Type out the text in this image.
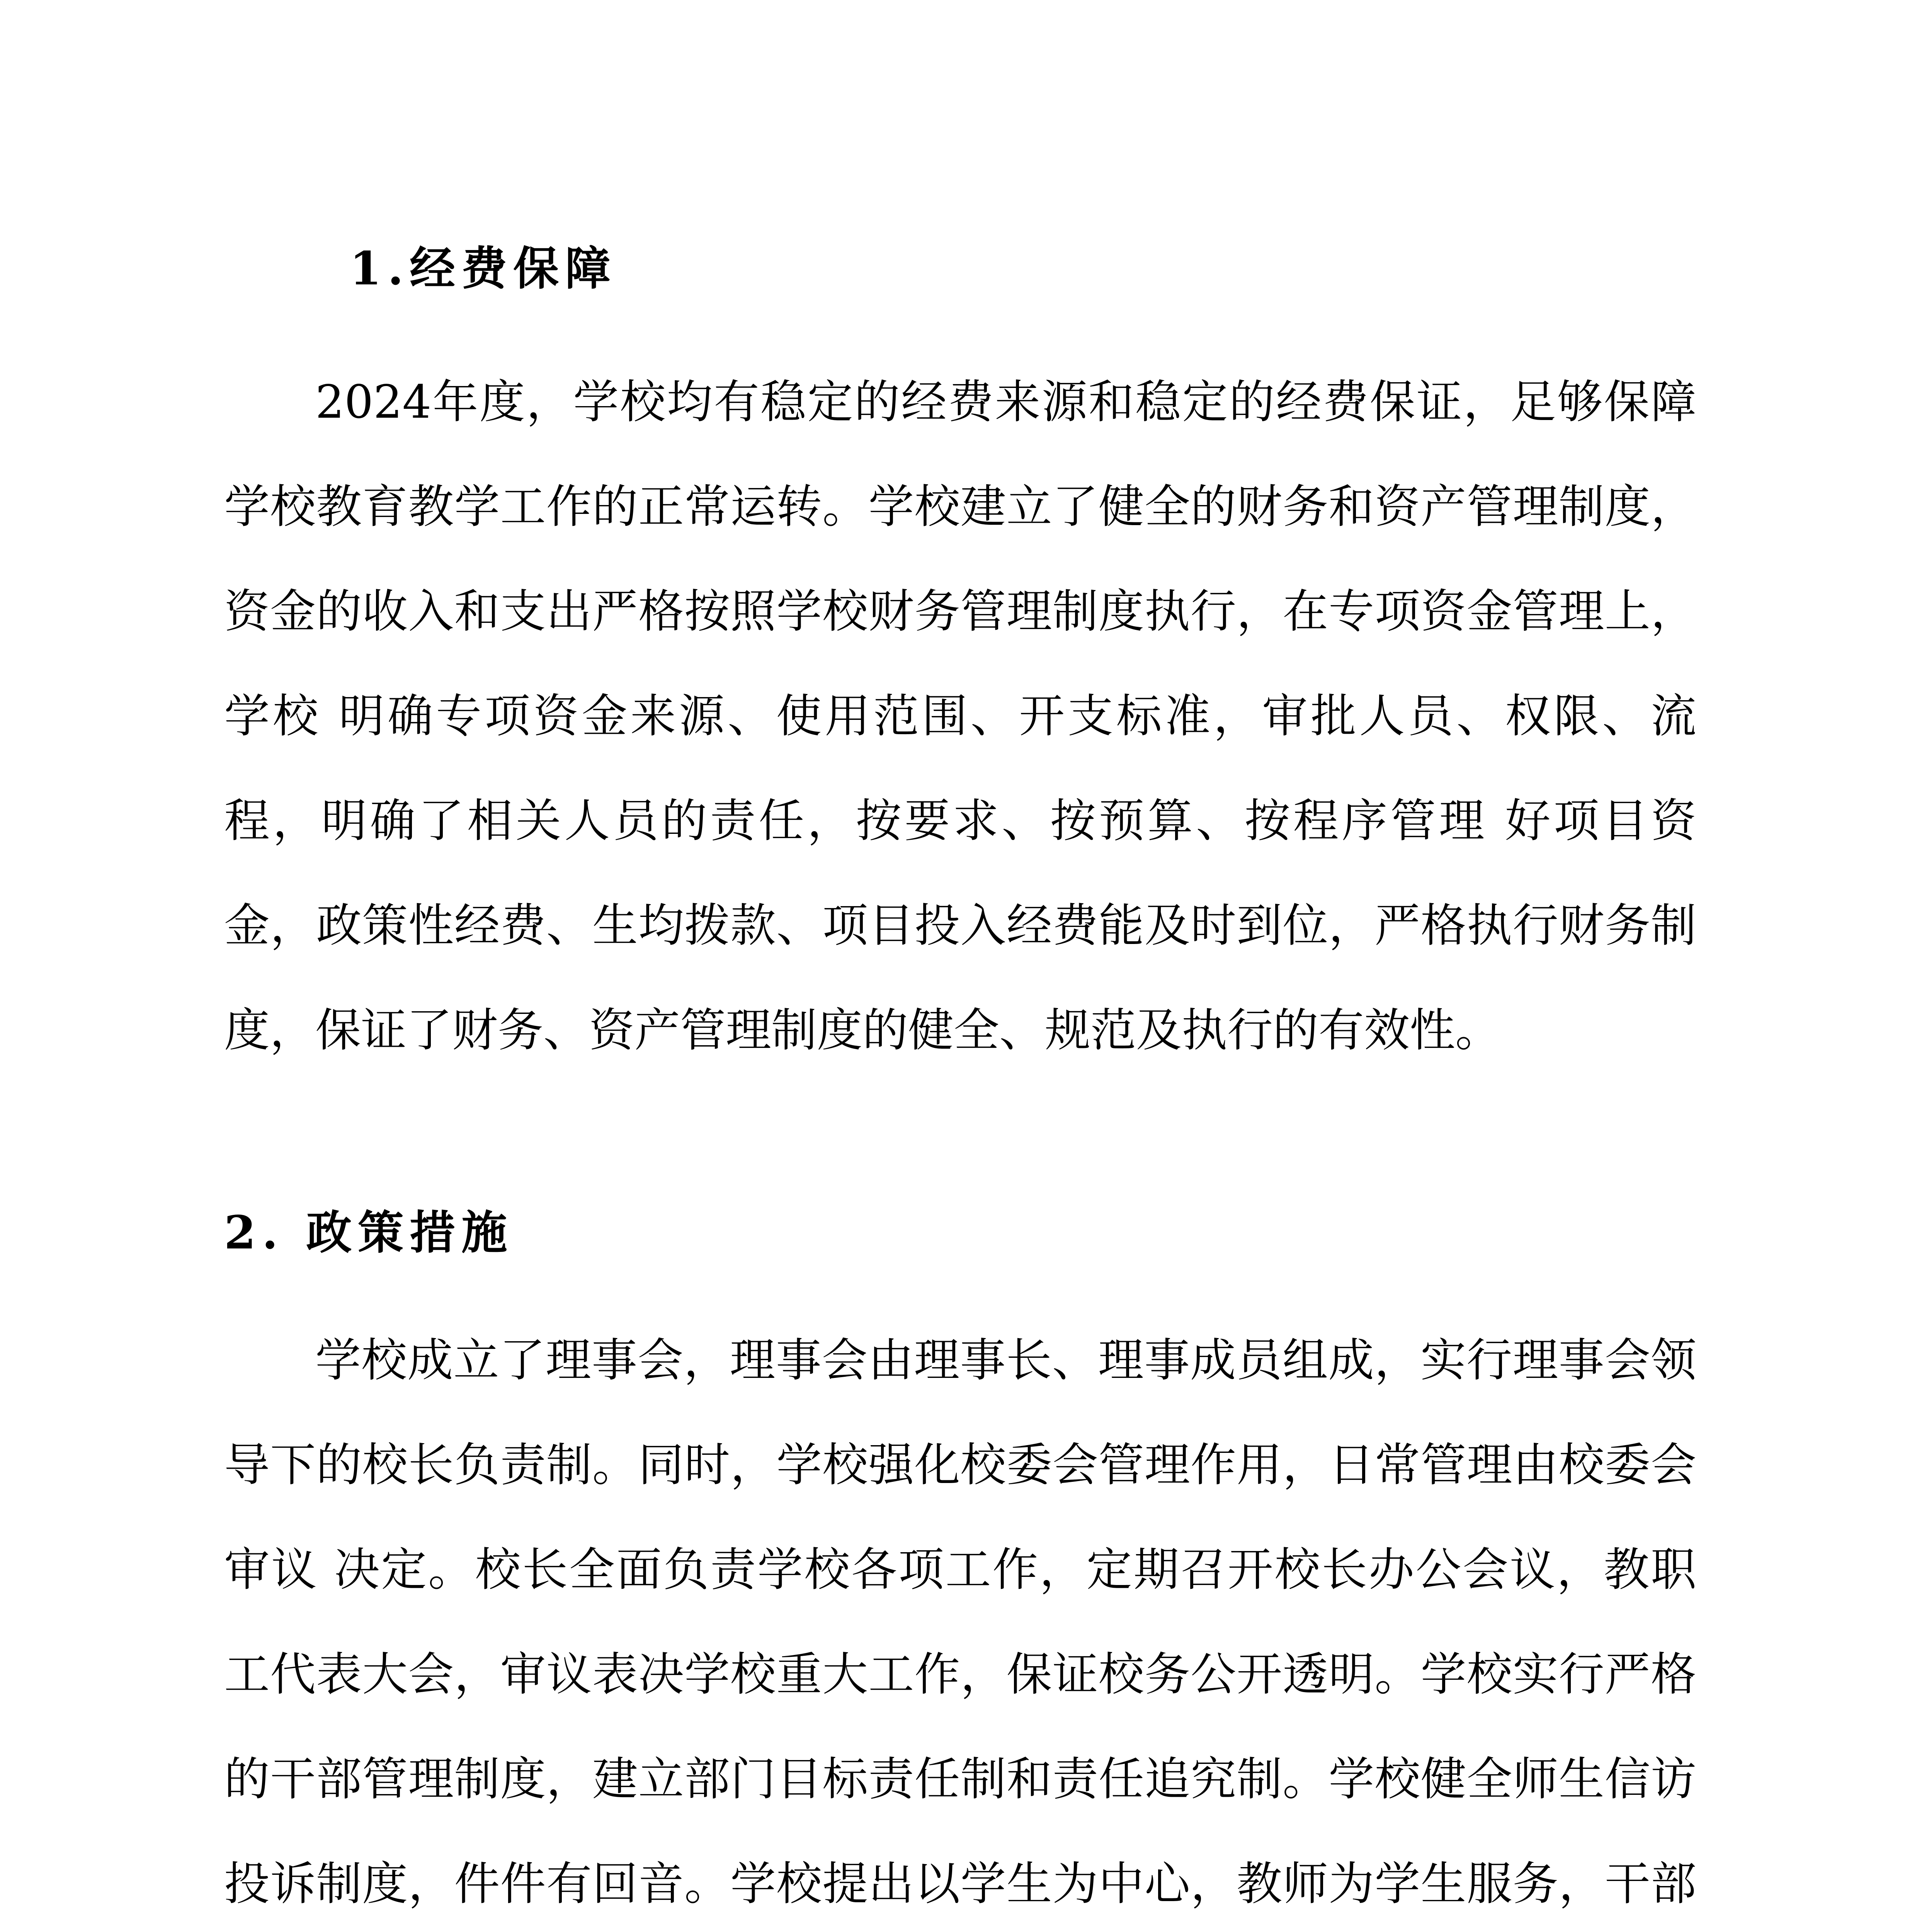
1.经费保障

2024年度，学校均有稳定的经费来源和稳定的经费保证，足够保障学校教育教学工作的正常运转。学校建立了健全的财务和资产管理制度，资金的收入和支出严格按照学校财务管理制度执行，在专项资金管理上，学校 明确专项资金来源、使用范围、开支标准，审批人员、权限、流程，明确了相关人员的责任，按要求、按预算、按程序管理 好项目资金，政策性经费、生均拨款、项目投入经费能及时到位，严格执行财务制度，保证了财务、资产管理制度的健全、规范及执行的有效性。

2. 政策措施

学校成立了理事会，理事会由理事长、理事成员组成，实行理事会领导下的校长负责制。同时，学校强化校委会管理作用，日常管理由校委会审议 决定。校长全面负责学校各项工作，定期召开校长办公会议，教职工代表大会，审议表决学校重大工作，保证校务公开透明。学校实行严格的干部管理制度，建立部门目标责任制和责任追究制。学校健全师生信访投诉制度，件件有回音。学校提出以学生为中心，教师为学生服务，干部
